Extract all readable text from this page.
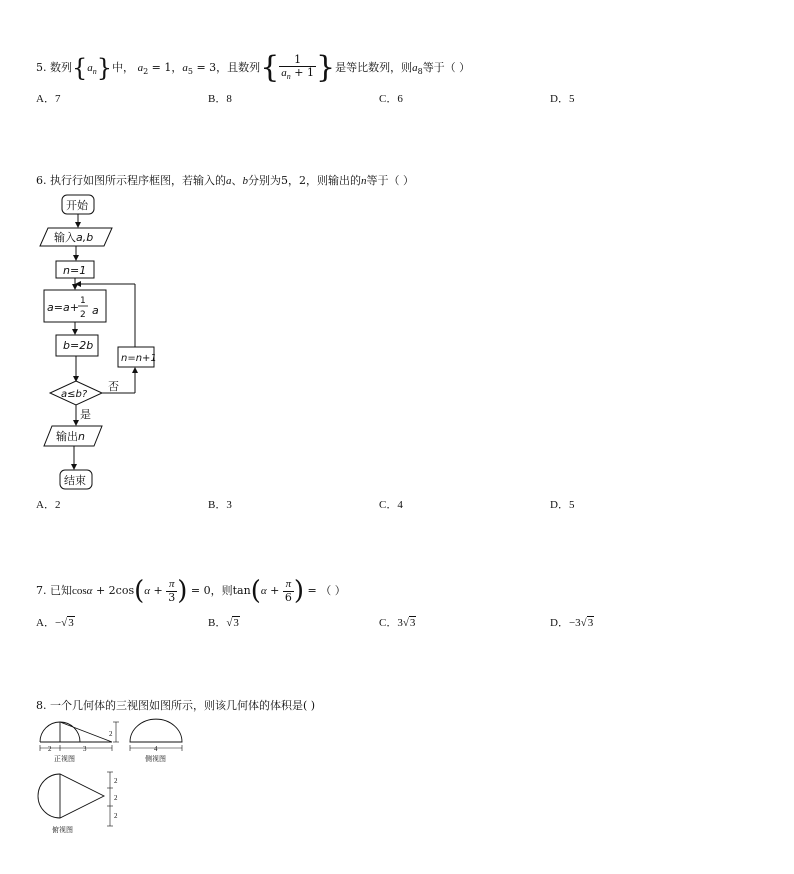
5. 数列$\{a_n\}$中， $a_2 = 1$，$a_5 = 3$，且数列{ $\frac{1}{a_n + 1}$ }是等比数列，则$a_8$等于（ ）
A．7	B．8	C．6	D．5
6. 执行行如图所示程序框图，若输入的a、b分别为5，2，则输出的n等于（ ）
开始
输入a,b
n=1
a=a+ 1
2 a
b=2b
a≤b?
否
是
n=n+1
输出n
结束
A．2	B．3	C．4	D．5
7. 已知$\cos\alpha + 2\cos(\alpha + \frac{\pi}{3}$ ) = 0，则$\tan(\alpha + \frac{\pi}{6}$ ) = （ ）
A．−√3	B．√3	C．3√3	D．−3√3
8. 一个几何体的三视图如图所示，则该几何体的体积是( )
2	3
2
正视图
4
侧视图
2
2
2
俯视图
